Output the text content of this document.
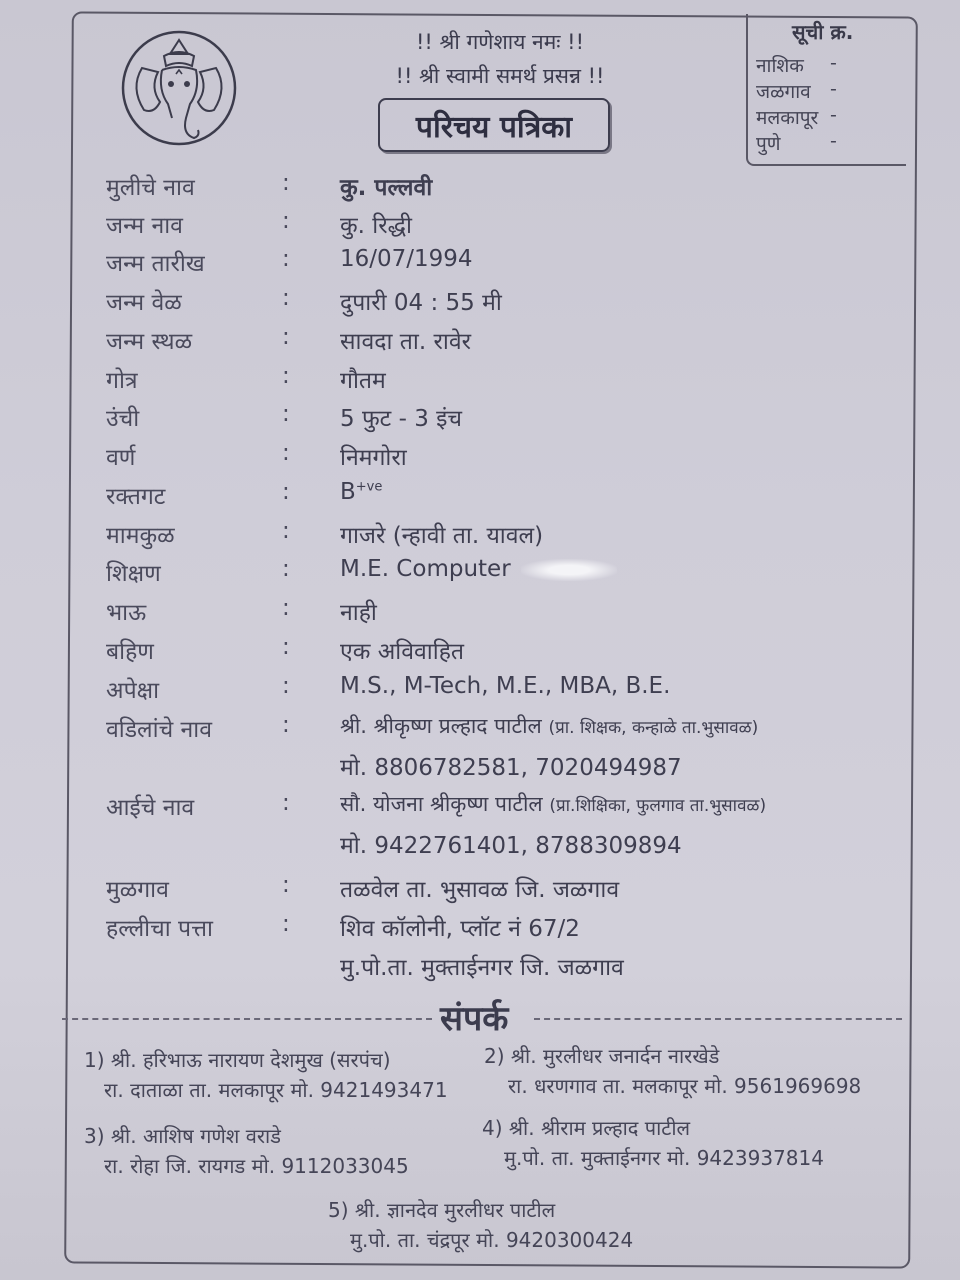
!! श्री गणेशाय नमः !!
!! श्री स्वामी समर्थ प्रसन्न !!
परिचय पत्रिका
सूची क्र.
नाशिक -
जळगाव -
मलकापूर -
पुणे	-
मुलीचे नाव	: कु. पल्लवी
जन्म नाव	: कु. रिद्धी
जन्म तारीख	: 16/07/1994
जन्म वेळ	: दुपारी 04 : 55 मी
जन्म स्थळ	: सावदा ता. रावेर
गोत्र	: गौतम
उंची	: 5 फुट - 3 इंच
वर्ण	: निमगोरा
रक्तगट	: $B^{+ve}$
मामकुळ	: गाजरे (न्हावी ता. यावल)
शिक्षण	: M.E. Computer
भाऊ	: नाही
बहिण	: एक अविवाहित
अपेक्षा	: M.S., M-Tech, M.E., MBA, B.E.
वडिलांचे नाव	: श्री. श्रीकृष्ण प्रल्हाद पाटील (प्रा. शिक्षक, कन्हाळे ता.भुसावळ)
मो. 8806782581, 7020494987
आईचे नाव	: सौ. योजना श्रीकृष्ण पाटील (प्रा.शिक्षिका, फुलगाव ता.भुसावळ)
मो. 9422761401, 8788309894
मुळगाव	: तळवेल ता. भुसावळ जि. जळगाव
हल्लीचा पत्ता	: शिव कॉलोनी, प्लॉट नं 67/2
मु.पो.ता. मुक्ताईनगर जि. जळगाव
संपर्क
1) श्री. हरिभाऊ नारायण देशमुख (सरपंच)
रा. दाताळा ता. मलकापूर मो. 9421493471
2) श्री. मुरलीधर जनार्दन नारखेडे
रा. धरणगाव ता. मलकापूर मो. 9561969698
3) श्री. आशिष गणेश वराडे
रा. रोहा जि. रायगड मो. 9112033045
4) श्री. श्रीराम प्रल्हाद पाटील
मु.पो. ता. मुक्ताईनगर मो. 9423937814
5) श्री. ज्ञानदेव मुरलीधर पाटील
मु.पो. ता. चंद्रपूर मो. 9420300424
